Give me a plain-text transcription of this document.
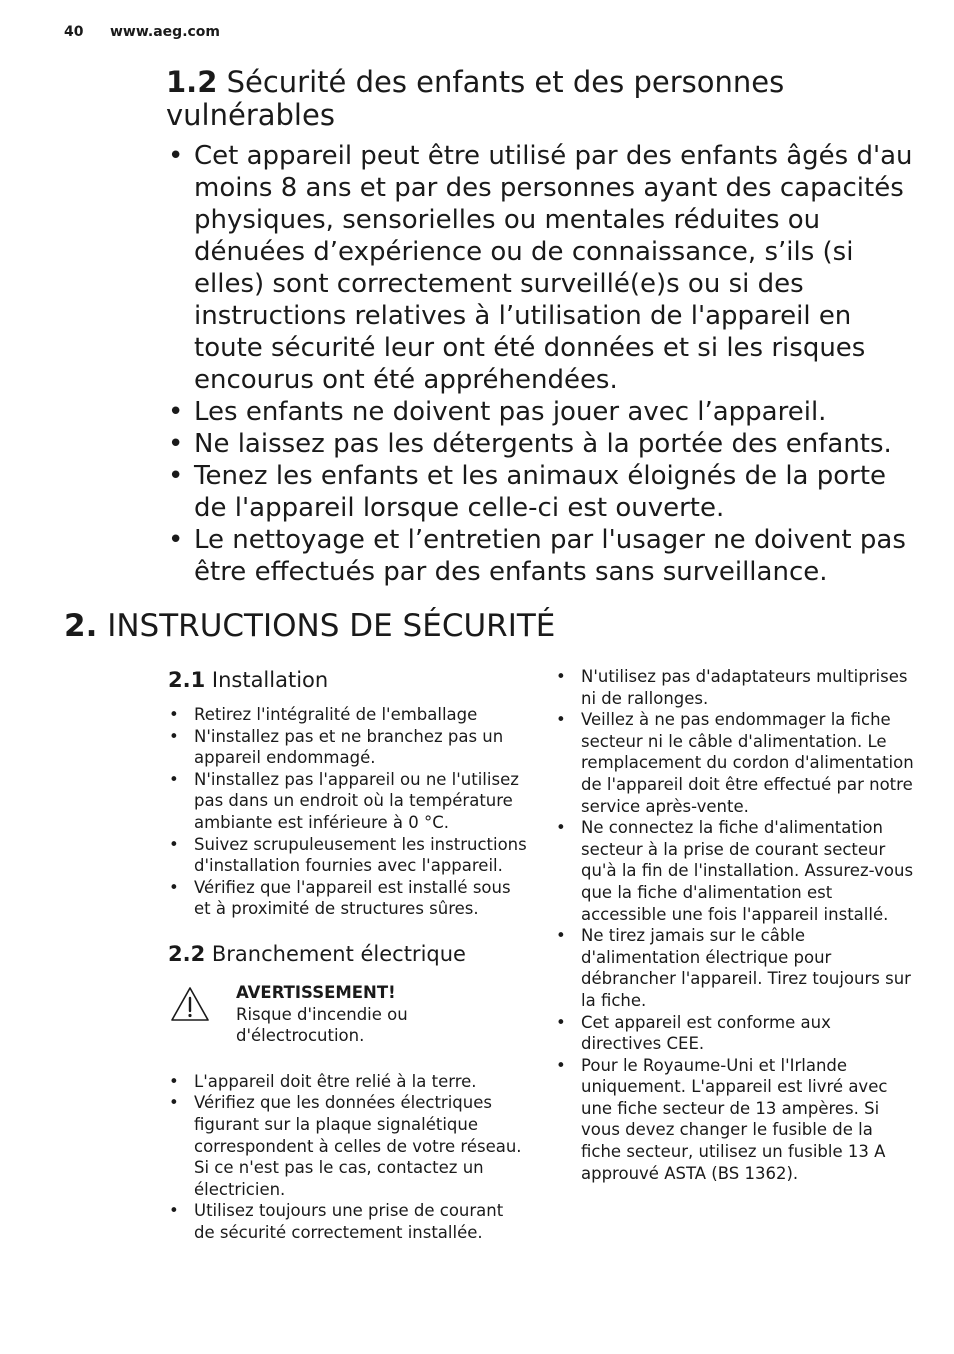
40 www.aeg.com
1.2 Sécurité des enfants et des personnes vulnérables
• Cet appareil peut être utilisé par des enfants âgés d'au moins 8 ans et par des personnes ayant des capacités physiques, sensorielles ou mentales réduites ou dénuées d’expérience ou de connaissance, s’ils (si elles) sont correctement surveillé(e)s ou si des instructions relatives à l’utilisation de l'appareil en toute sécurité leur ont été données et si les risques encourus ont été appréhendées.
• Les enfants ne doivent pas jouer avec l’appareil.
• Ne laissez pas les détergents à la portée des enfants.
• Tenez les enfants et les animaux éloignés de la porte de l'appareil lorsque celle-ci est ouverte.
• Le nettoyage et l’entretien par l'usager ne doivent pas être effectués par des enfants sans surveillance.
2. INSTRUCTIONS DE SÉCURITÉ
2.1 Installation
• Retirez l'intégralité de l'emballage
• N'installez pas et ne branchez pas un appareil endommagé.
• N'installez pas l'appareil ou ne l'utilisez pas dans un endroit où la température ambiante est inférieure à 0 °C.
• Suivez scrupuleusement les instructions d'installation fournies avec l'appareil.
• Vérifiez que l'appareil est installé sous et à proximité de structures sûres.
2.2 Branchement électrique
AVERTISSEMENT!
Risque d'incendie ou d'électrocution.
• L'appareil doit être relié à la terre.
• Vérifiez que les données électriques figurant sur la plaque signalétique correspondent à celles de votre réseau. Si ce n'est pas le cas, contactez un électricien.
• Utilisez toujours une prise de courant de sécurité correctement installée.
• N'utilisez pas d'adaptateurs multiprises ni de rallonges.
• Veillez à ne pas endommager la fiche secteur ni le câble d'alimentation. Le remplacement du cordon d'alimentation de l'appareil doit être effectué par notre service après-vente.
• Ne connectez la fiche d'alimentation secteur à la prise de courant secteur qu'à la fin de l'installation. Assurez-vous que la fiche d'alimentation est accessible une fois l'appareil installé.
• Ne tirez jamais sur le câble d'alimentation électrique pour débrancher l'appareil. Tirez toujours sur la fiche.
• Cet appareil est conforme aux directives CEE.
• Pour le Royaume-Uni et l'Irlande uniquement. L'appareil est livré avec une fiche secteur de 13 ampères. Si vous devez changer le fusible de la fiche secteur, utilisez un fusible 13 A approuvé ASTA (BS 1362).
